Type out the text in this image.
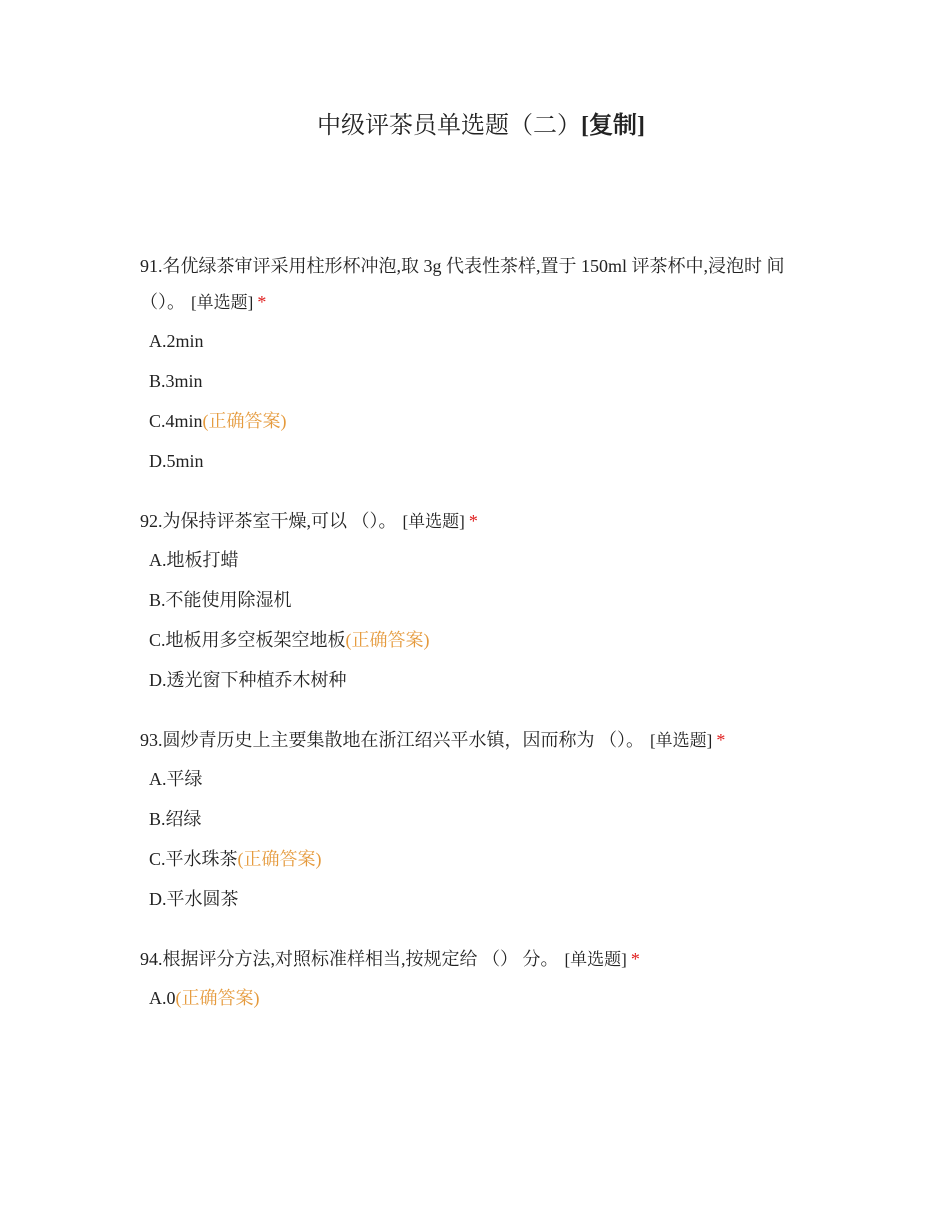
中级评茶员单选题（二）[复制]

91.名优绿茶审评采用柱形杯冲泡,取 3g 代表性茶样,置于 150ml 评茶杯中,浸泡时 间（）。 [单选题] *

A.2min
B.3min
C.4min(正确答案)
D.5min

92.为保持评茶室干燥,可以 （）。 [单选题] *

A.地板打蜡
B.不能使用除湿机
C.地板用多空板架空地板(正确答案)
D.透光窗下种植乔木树种

93.圆炒青历史上主要集散地在浙江绍兴平水镇，因而称为 （）。 [单选题] *

A.平绿
B.绍绿
C.平水珠茶(正确答案)
D.平水圆茶

94.根据评分方法,对照标准样相当,按规定给 （） 分。 [单选题] *

A.0(正确答案)
